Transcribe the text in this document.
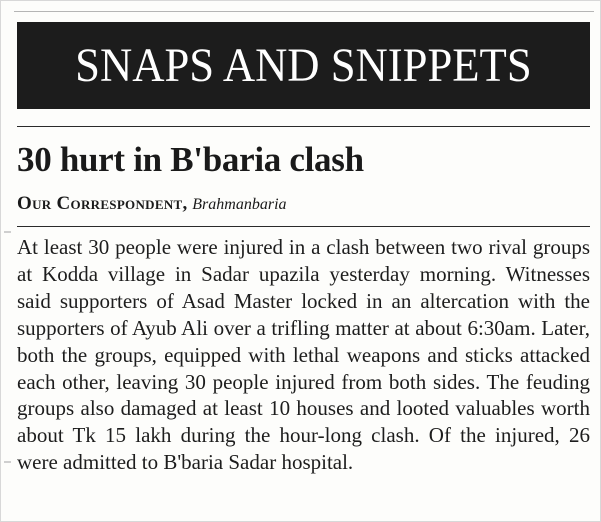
SNAPS AND SNIPPETS
30 hurt in B'baria clash
Our Correspondent, Brahmanbaria

At least 30 people were injured in a clash between two rival groups at Kodda village in Sadar upazila yesterday morning. Witnesses said supporters of Asad Master locked in an altercation with the supporters of Ayub Ali over a trifling matter at about 6:30am. Later, both the groups, equipped with lethal weapons and sticks attacked each other, leaving 30 people injured from both sides. The feuding groups also damaged at least 10 houses and looted valuables worth about Tk 15 lakh during the hour-long clash. Of the injured, 26 were admitted to B'baria Sadar hospital.
